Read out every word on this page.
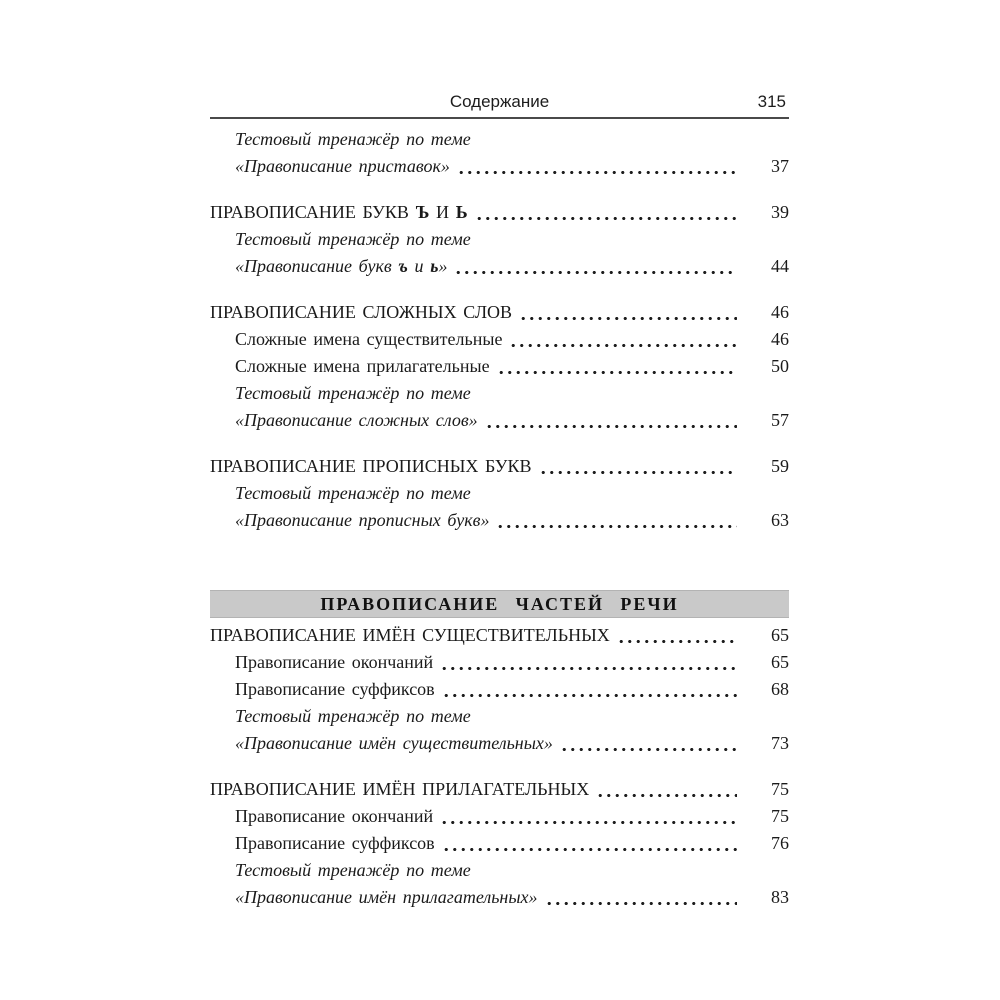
Содержание	315
Тестовый тренажёр по теме
«Правописание приставок»	37
ПРАВОПИСАНИЕ БУКВ Ъ И Ь	39
Тестовый тренажёр по теме
«Правописание букв ъ и ь»	44
ПРАВОПИСАНИЕ СЛОЖНЫХ СЛОВ	46
Сложные имена существительные	46
Сложные имена прилагательные	50
Тестовый тренажёр по теме
«Правописание сложных слов»	57
ПРАВОПИСАНИЕ ПРОПИСНЫХ БУКВ	59
Тестовый тренажёр по теме
«Правописание прописных букв»	63
ПРАВОПИСАНИЕ ЧАСТЕЙ РЕЧИ
ПРАВОПИСАНИЕ ИМЁН СУЩЕСТВИТЕЛЬНЫХ	65
Правописание окончаний	65
Правописание суффиксов	68
Тестовый тренажёр по теме
«Правописание имён существительных»	73
ПРАВОПИСАНИЕ ИМЁН ПРИЛАГАТЕЛЬНЫХ	75
Правописание окончаний	75
Правописание суффиксов	76
Тестовый тренажёр по теме
«Правописание имён прилагательных»	83
